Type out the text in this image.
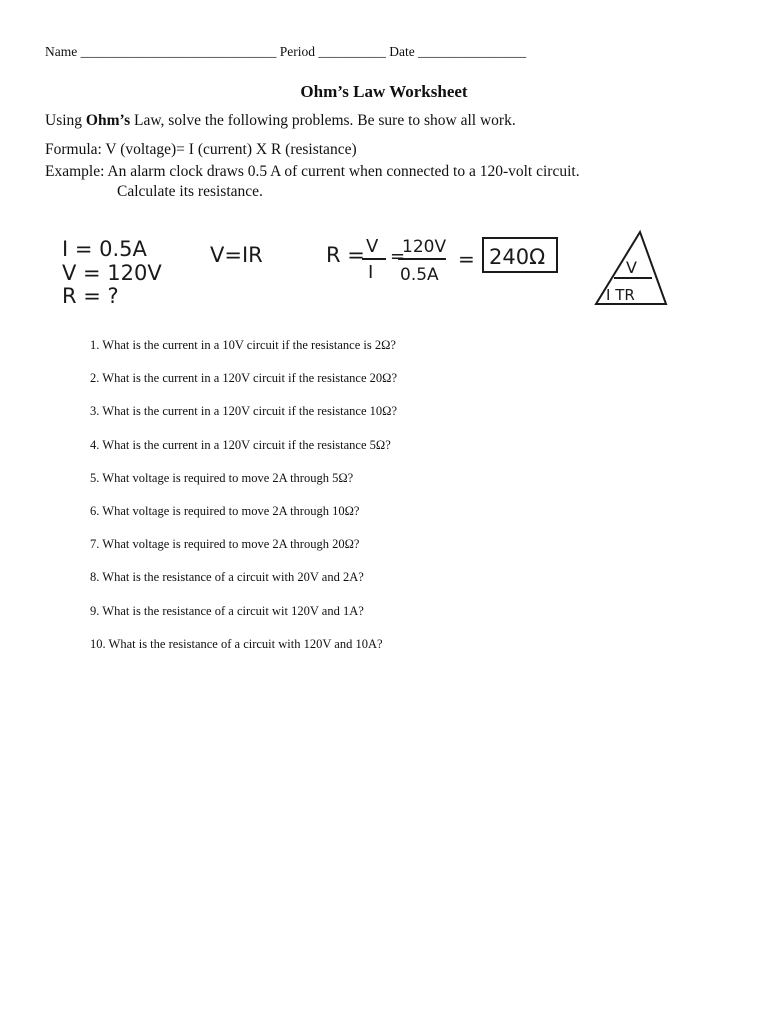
Name _____________________________ Period __________ Date ________________
Ohm’s Law Worksheet
Using Ohm’s Law, solve the following problems. Be sure to show all work.
Formula: V (voltage)= I (current) X R (resistance)
Example: An alarm clock draws 0.5 A of current when connected to a 120-volt circuit.
Calculate its resistance.
I = 0.5A
V = 120V
R = ?
V=IR	R = V
I
=
120V
0.5A
= 240Ω	V
I TR
1. What is the current in a 10V circuit if the resistance is 2Ω?
2. What is the current in a 120V circuit if the resistance 20Ω?
3. What is the current in a 120V circuit if the resistance 10Ω?
4. What is the current in a 120V circuit if the resistance 5Ω?
5. What voltage is required to move 2A through 5Ω?
6. What voltage is required to move 2A through 10Ω?
7. What voltage is required to move 2A through 20Ω?
8. What is the resistance of a circuit with 20V and 2A?
9. What is the resistance of a circuit wit 120V and 1A?
10. What is the resistance of a circuit with 120V and 10A?
